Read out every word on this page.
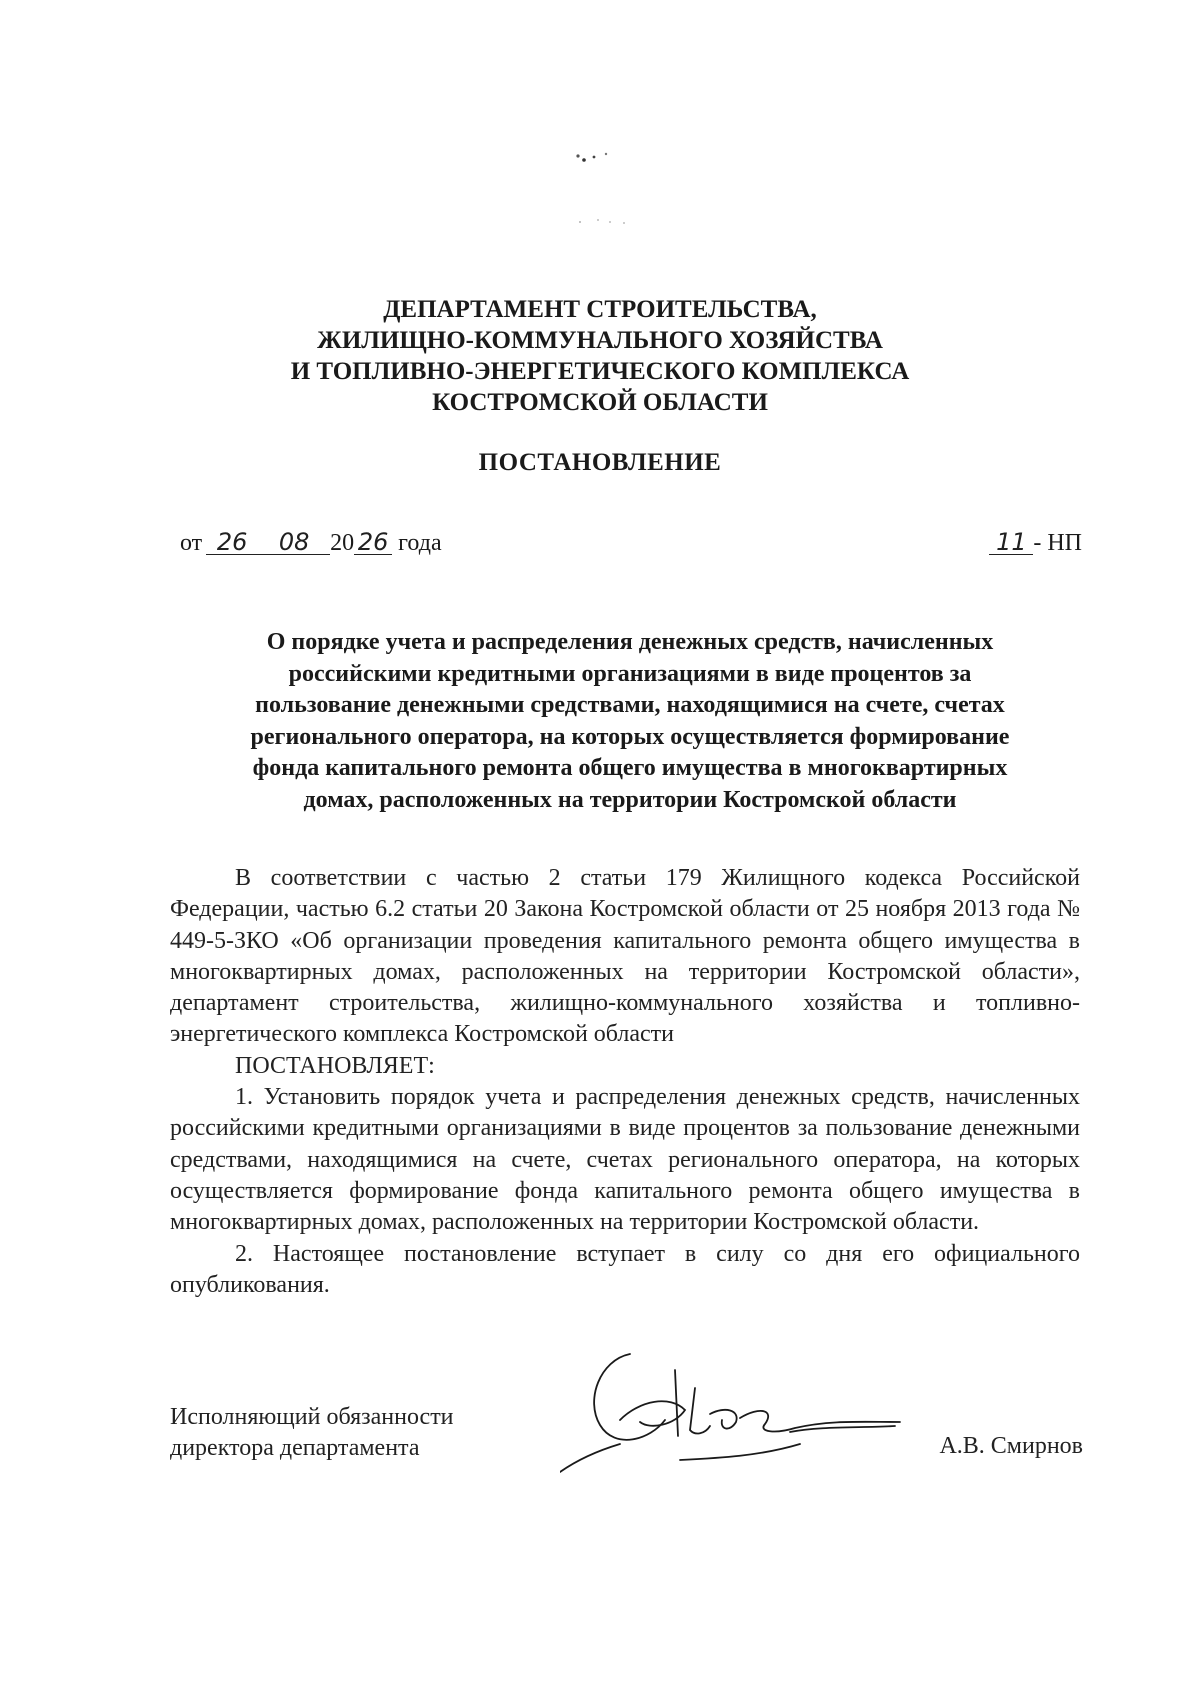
ДЕПАРТАМЕНТ СТРОИТЕЛЬСТВА,
ЖИЛИЩНО-КОММУНАЛЬНОГО ХОЗЯЙСТВА
И ТОПЛИВНО-ЭНЕРГЕТИЧЕСКОГО КОМПЛЕКСА
КОСТРОМСКОЙ ОБЛАСТИ
ПОСТАНОВЛЕНИЕ
от 26 08 20 26 года	11 - НП
О порядке учета и распределения денежных средств, начисленных
российскими кредитными организациями в виде процентов за
пользование денежными средствами, находящимися на счете, счетах
регионального оператора, на которых осуществляется формирование
фонда капитального ремонта общего имущества в многоквартирных
домах, расположенных на территории Костромской области

В соответствии с частью 2 статьи 179 Жилищного кодекса Российской Федерации, частью 6.2 статьи 20 Закона Костромской области от 25 ноября 2013 года № 449-5-ЗКО «Об организации проведения капитального ремонта общего имущества в многоквартирных домах, расположенных на территории Костромской области», департамент строительства, жилищно-коммунального хозяйства и топливно-энергетического комплекса Костромской области

ПОСТАНОВЛЯЕТ:

1. Установить порядок учета и распределения денежных средств, начисленных российскими кредитными организациями в виде процентов за пользование денежными средствами, находящимися на счете, счетах регионального оператора, на которых осуществляется формирование фонда капитального ремонта общего имущества в многоквартирных домах, расположенных на территории Костромской области.

2. Настоящее постановление вступает в силу со дня его официального опубликования.

Исполняющий обязанности
директора департамента	А.В. Смирнов
